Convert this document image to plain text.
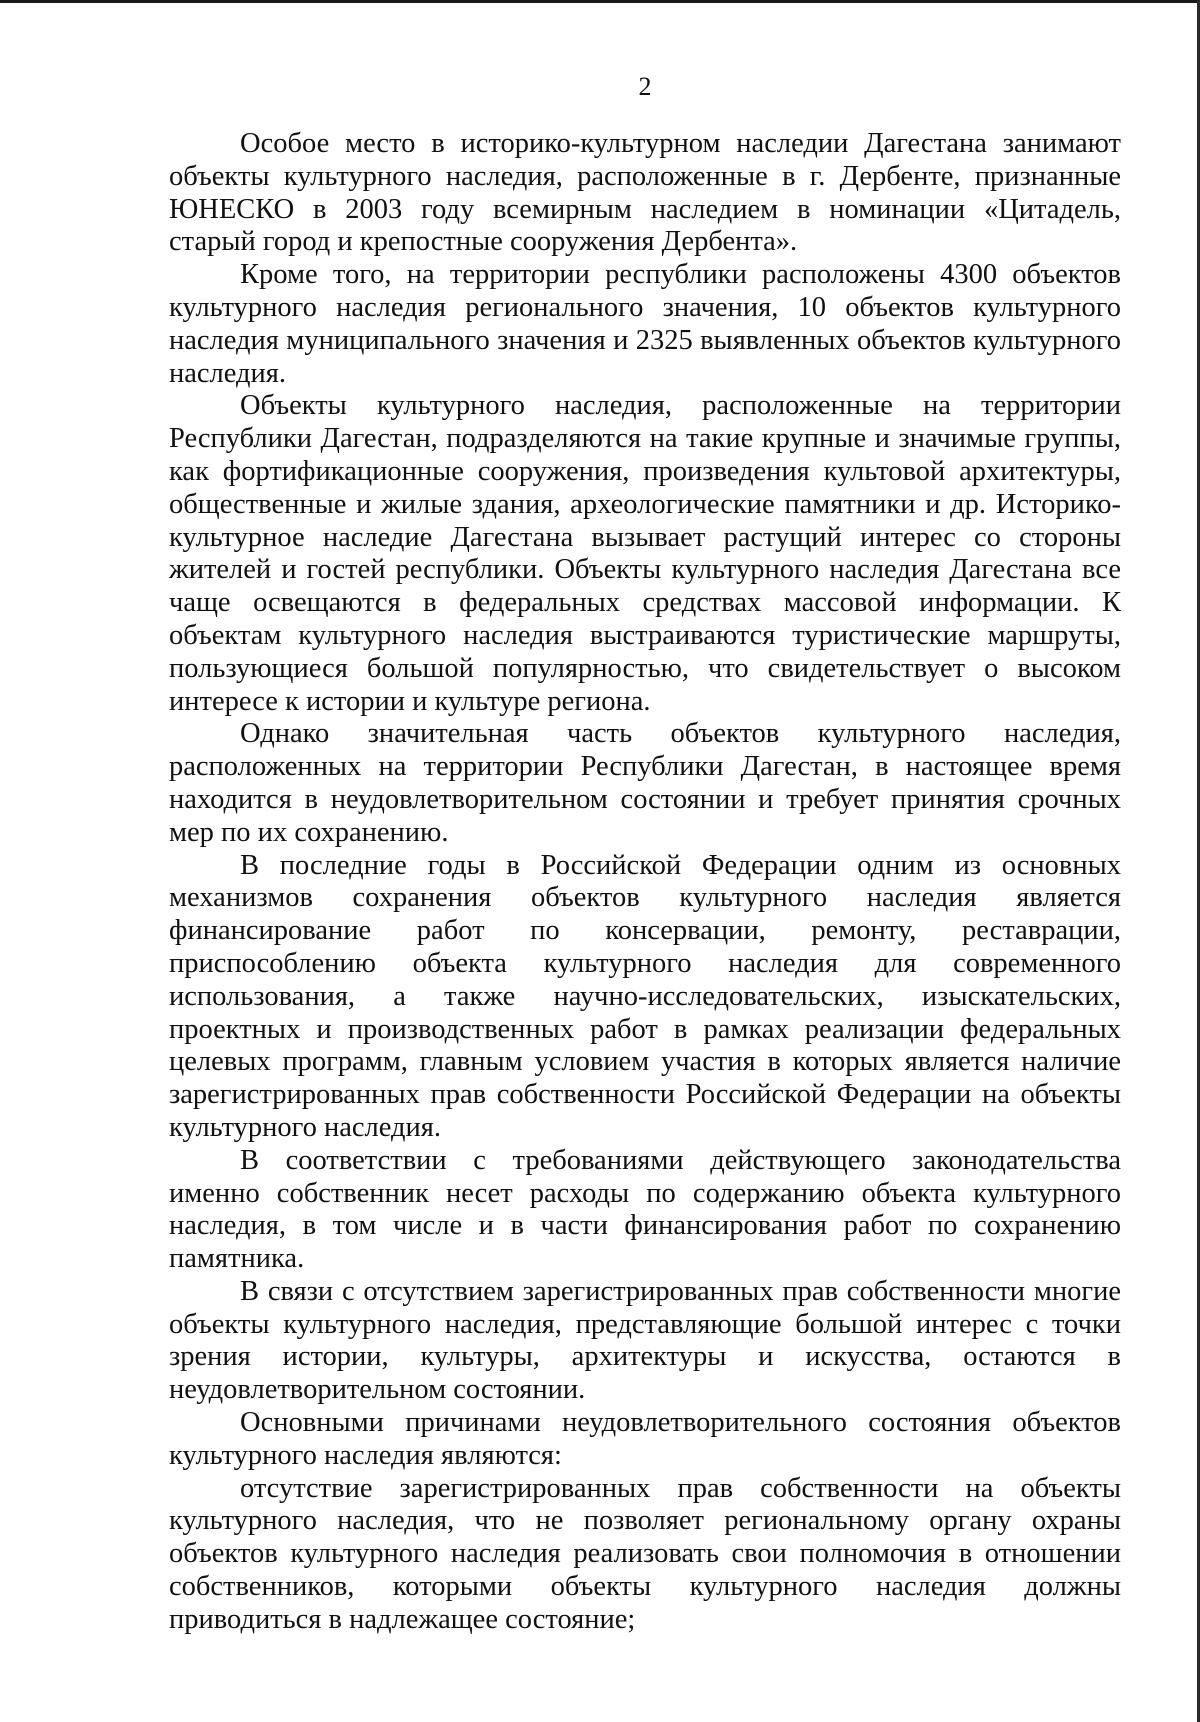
2

Особое место в историко-культурном наследии Дагестана занимают объекты культурного наследия, расположенные в г. Дербенте, признанные ЮНЕСКО в 2003 году всемирным наследием в номинации «Цитадель, старый город и крепостные сооружения Дербента».

Кроме того, на территории республики расположены 4300 объектов культурного наследия регионального значения, 10 объектов культурного наследия муниципального значения и 2325 выявленных объектов культурного наследия.

Объекты культурного наследия, расположенные на территории Республики Дагестан, подразделяются на такие крупные и значимые группы, как фортификационные сооружения, произведения культовой архитектуры, общественные и жилые здания, археологические памятники и др. Историко-культурное наследие Дагестана вызывает растущий интерес со стороны жителей и гостей республики. Объекты культурного наследия Дагестана все чаще освещаются в федеральных средствах массовой информации. К объектам культурного наследия выстраиваются туристические маршруты, пользующиеся большой популярностью, что свидетельствует о высоком интересе к истории и культуре региона.

Однако значительная часть объектов культурного наследия, расположенных на территории Республики Дагестан, в настоящее время находится в неудовлетворительном состоянии и требует принятия срочных мер по их сохранению.

В последние годы в Российской Федерации одним из основных механизмов сохранения объектов культурного наследия является финансирование работ по консервации, ремонту, реставрации, приспособлению объекта культурного наследия для современного использования, а также научно-исследовательских, изыскательских, проектных и производственных работ в рамках реализации федеральных целевых программ, главным условием участия в которых является наличие зарегистрированных прав собственности Российской Федерации на объекты культурного наследия.

В соответствии с требованиями действующего законодательства именно собственник несет расходы по содержанию объекта культурного наследия, в том числе и в части финансирования работ по сохранению памятника.

В связи с отсутствием зарегистрированных прав собственности многие объекты культурного наследия, представляющие большой интерес с точки зрения истории, культуры, архитектуры и искусства, остаются в неудовлетворительном состоянии.

Основными причинами неудовлетворительного состояния объектов культурного наследия являются:

отсутствие зарегистрированных прав собственности на объекты культурного наследия, что не позволяет региональному органу охраны объектов культурного наследия реализовать свои полномочия в отношении собственников, которыми объекты культурного наследия должны приводиться в надлежащее состояние;
